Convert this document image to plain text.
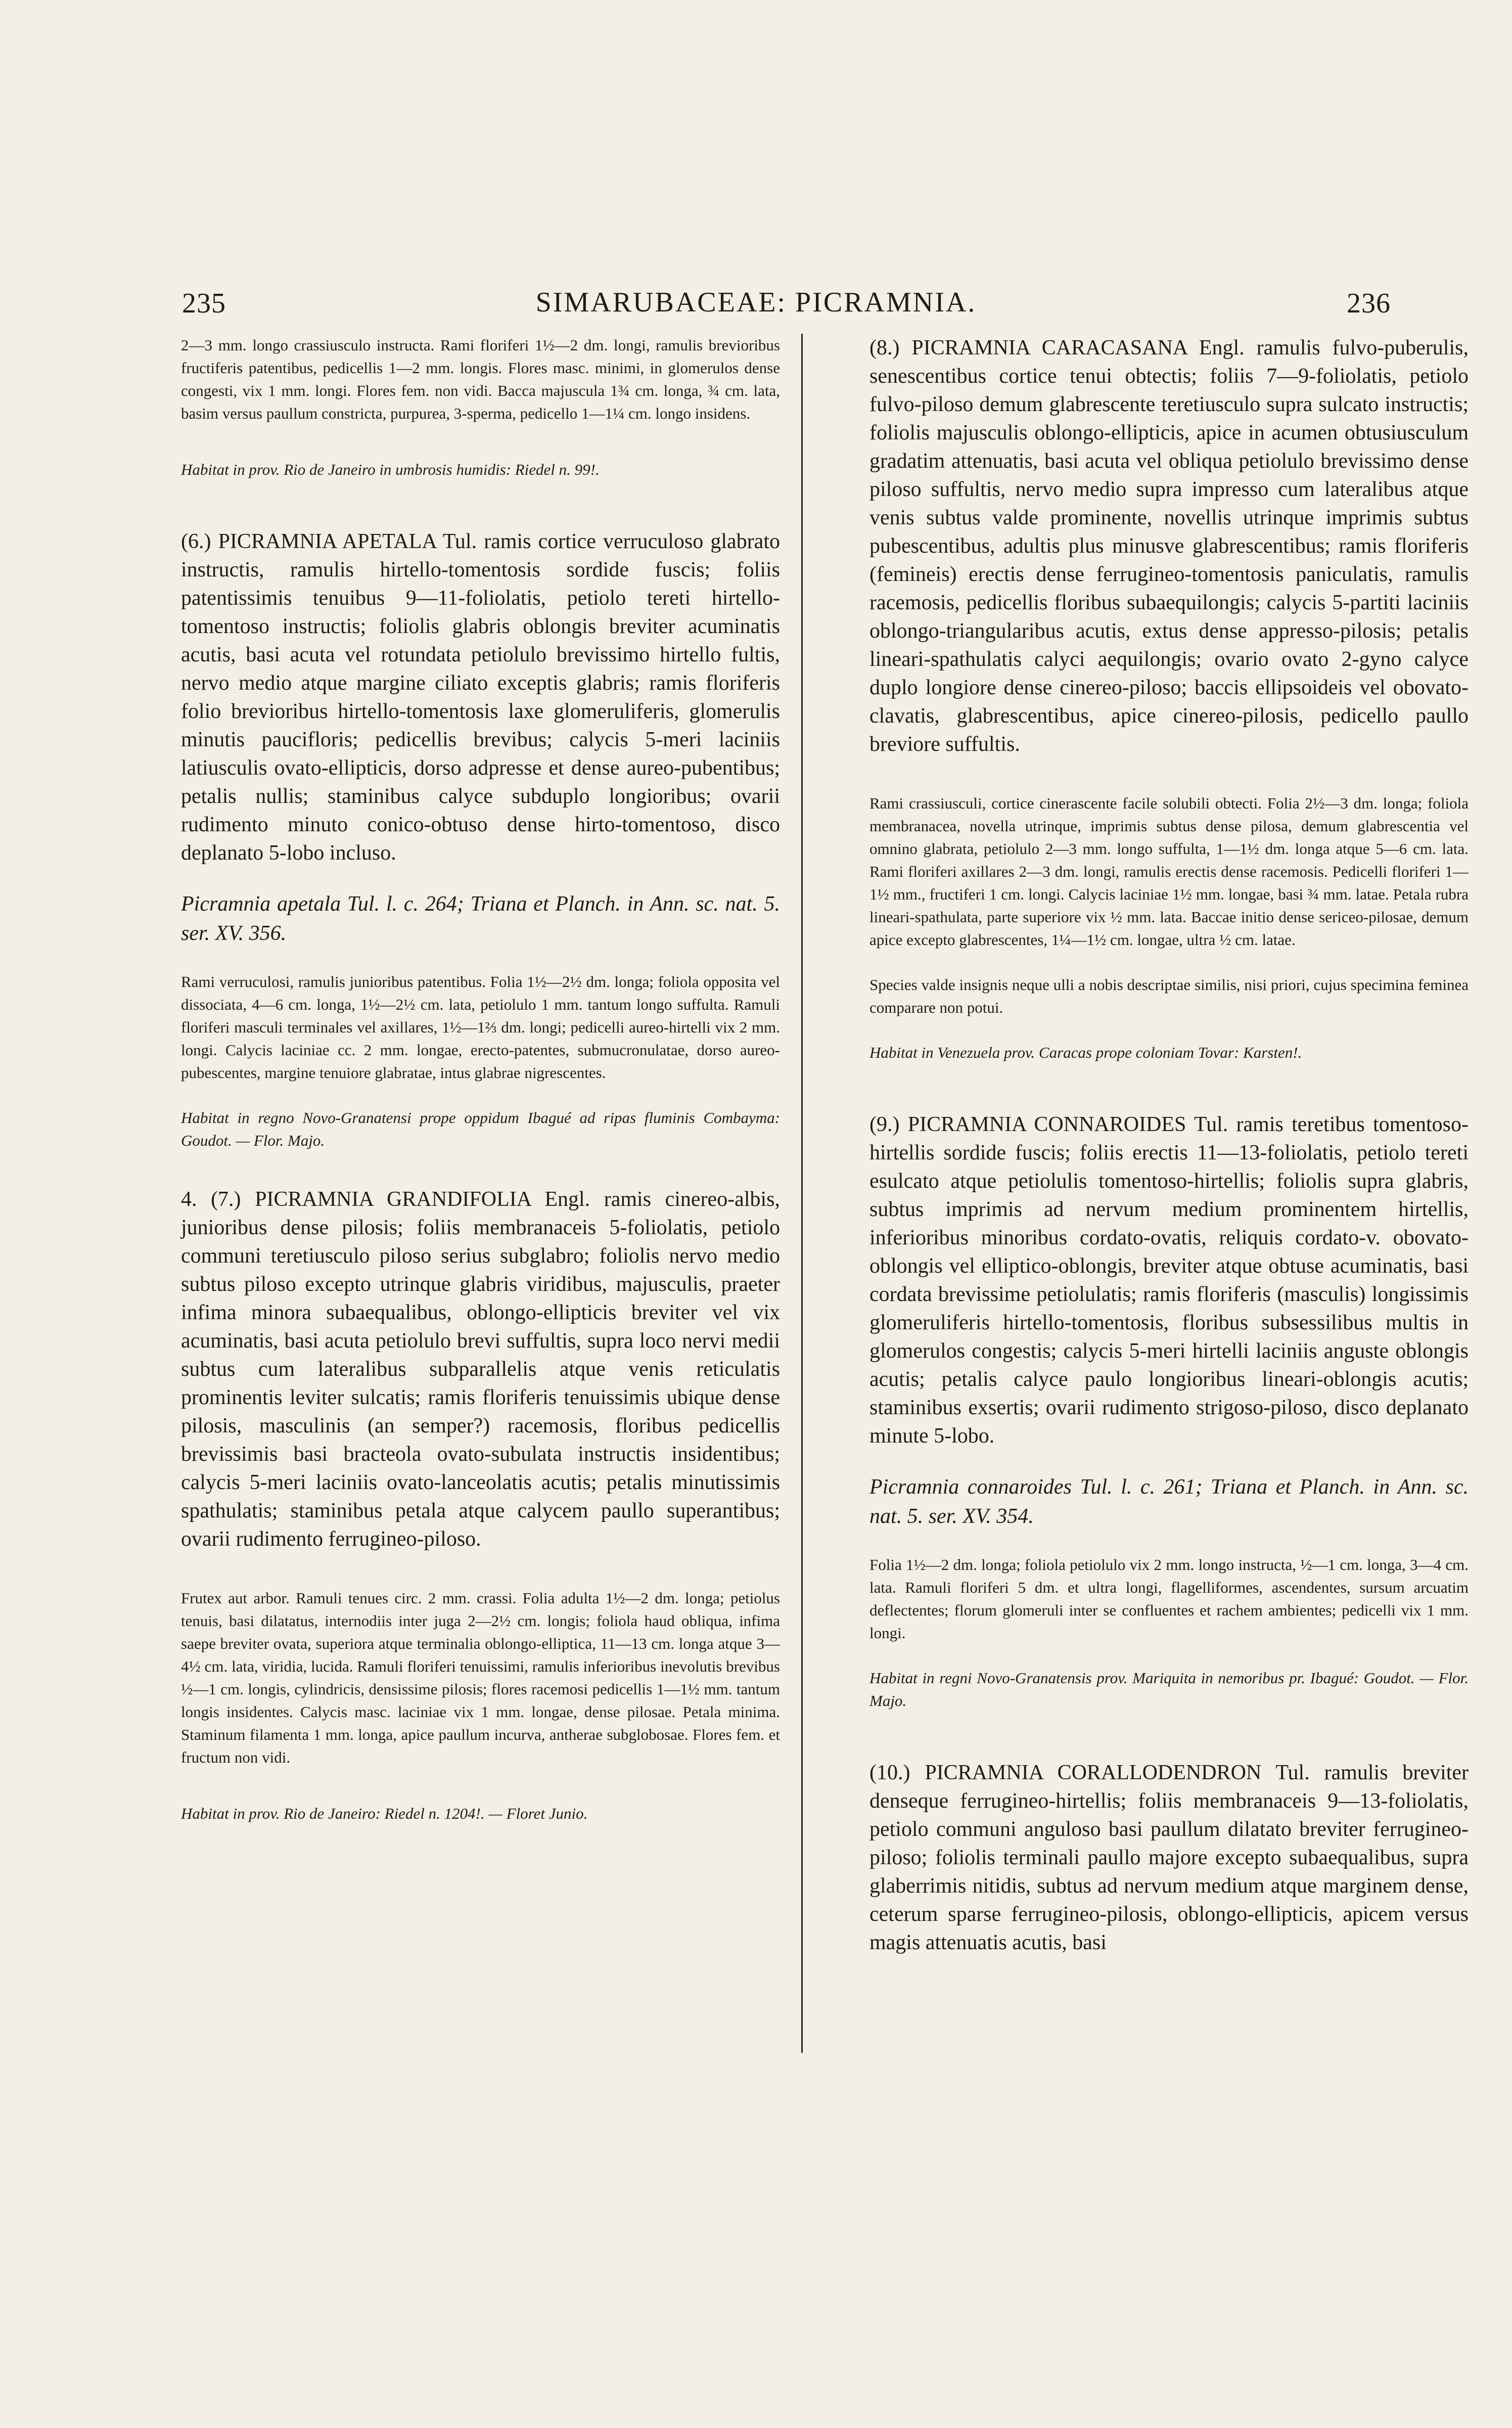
235	SIMARUBACEAE: PICRAMNIA.	236

2—3 mm. longo crassiusculo instructa. Rami floriferi 1½—2 dm. longi, ramulis brevioribus fructiferis patentibus, pedicellis 1—2 mm. longis. Flores masc. minimi, in glomerulos dense congesti, vix 1 mm. longi. Flores fem. non vidi. Bacca majuscula 1¾ cm. longa, ¾ cm. lata, basim versus paullum constricta, purpurea, 3-sperma, pedicello 1—1¼ cm. longo insidens.

Habitat in prov. Rio de Janeiro in umbrosis humidis: Riedel n. 99!.

(6.) PICRAMNIA APETALA Tul. ramis cortice verruculoso glabrato instructis, ramulis hirtello-tomentosis sordide fuscis; foliis patentissimis tenuibus 9—11-foliolatis, petiolo tereti hirtello-tomentoso instructis; foliolis glabris oblongis breviter acuminatis acutis, basi acuta vel rotundata petiolulo brevissimo hirtello fultis, nervo medio atque margine ciliato exceptis glabris; ramis floriferis folio brevioribus hirtello-tomentosis laxe glomeruliferis, glomerulis minutis paucifloris; pedicellis brevibus; calycis 5-meri laciniis latiusculis ovato-ellipticis, dorso adpresse et dense aureo-pubentibus; petalis nullis; staminibus calyce subduplo longioribus; ovarii rudimento minuto conico-obtuso dense hirto-tomentoso, disco deplanato 5-lobo incluso.

Picramnia apetala Tul. l. c. 264; Triana et Planch. in Ann. sc. nat. 5. ser. XV. 356.

Rami verruculosi, ramulis junioribus patentibus. Folia 1½—2½ dm. longa; foliola opposita vel dissociata, 4—6 cm. longa, 1½—2½ cm. lata, petiolulo 1 mm. tantum longo suffulta. Ramuli floriferi masculi terminales vel axillares, 1½—1⅔ dm. longi; pedicelli aureo-hirtelli vix 2 mm. longi. Calycis laciniae cc. 2 mm. longae, erecto-patentes, submucronulatae, dorso aureo-pubescentes, margine tenuiore glabratae, intus glabrae nigrescentes.

Habitat in regno Novo-Granatensi prope oppidum Ibagué ad ripas fluminis Combayma: Goudot. — Flor. Majo.

4. (7.) PICRAMNIA GRANDIFOLIA Engl. ramis cinereo-albis, junioribus dense pilosis; foliis membranaceis 5-foliolatis, petiolo communi teretiusculo piloso serius subglabro; foliolis nervo medio subtus piloso excepto utrinque glabris viridibus, majusculis, praeter infima minora subaequalibus, oblongo-ellipticis breviter vel vix acuminatis, basi acuta petiolulo brevi suffultis, supra loco nervi medii subtus cum lateralibus subparallelis atque venis reticulatis prominentis leviter sulcatis; ramis floriferis tenuissimis ubique dense pilosis, masculinis (an semper?) racemosis, floribus pedicellis brevissimis basi bracteola ovato-subulata instructis insidentibus; calycis 5-meri laciniis ovato-lanceolatis acutis; petalis minutissimis spathulatis; staminibus petala atque calycem paullo superantibus; ovarii rudimento ferrugineo-piloso.

Frutex aut arbor. Ramuli tenues circ. 2 mm. crassi. Folia adulta 1½—2 dm. longa; petiolus tenuis, basi dilatatus, internodiis inter juga 2—2½ cm. longis; foliola haud obliqua, infima saepe breviter ovata, superiora atque terminalia oblongo-elliptica, 11—13 cm. longa atque 3—4½ cm. lata, viridia, lucida. Ramuli floriferi tenuissimi, ramulis inferioribus inevolutis brevibus ½—1 cm. longis, cylindricis, densissime pilosis; flores racemosi pedicellis 1—1½ mm. tantum longis insidentes. Calycis masc. laciniae vix 1 mm. longae, dense pilosae. Petala minima. Staminum filamenta 1 mm. longa, apice paullum incurva, antherae subglobosae. Flores fem. et fructum non vidi.

Habitat in prov. Rio de Janeiro: Riedel n. 1204!. — Floret Junio.

(8.) PICRAMNIA CARACASANA Engl. ramulis fulvo-puberulis, senescentibus cortice tenui obtectis; foliis 7—9-foliolatis, petiolo fulvo-piloso demum glabrescente teretiusculo supra sulcato instructis; foliolis majusculis oblongo-ellipticis, apice in acumen obtusiusculum gradatim attenuatis, basi acuta vel obliqua petiolulo brevissimo dense piloso suffultis, nervo medio supra impresso cum lateralibus atque venis subtus valde prominente, novellis utrinque imprimis subtus pubescentibus, adultis plus minusve glabrescentibus; ramis floriferis (femineis) erectis dense ferrugineo-tomentosis paniculatis, ramulis racemosis, pedicellis floribus subaequilongis; calycis 5-partiti laciniis oblongo-triangularibus acutis, extus dense appresso-pilosis; petalis lineari-spathulatis calyci aequilongis; ovario ovato 2-gyno calyce duplo longiore dense cinereo-piloso; baccis ellipsoideis vel obovato-clavatis, glabrescentibus, apice cinereo-pilosis, pedicello paullo breviore suffultis.

Rami crassiusculi, cortice cinerascente facile solubili obtecti. Folia 2½—3 dm. longa; foliola membranacea, novella utrinque, imprimis subtus dense pilosa, demum glabrescentia vel omnino glabrata, petiolulo 2—3 mm. longo suffulta, 1—1½ dm. longa atque 5—6 cm. lata. Rami floriferi axillares 2—3 dm. longi, ramulis erectis dense racemosis. Pedicelli floriferi 1—1½ mm., fructiferi 1 cm. longi. Calycis laciniae 1½ mm. longae, basi ¾ mm. latae. Petala rubra lineari-spathulata, parte superiore vix ½ mm. lata. Baccae initio dense sericeo-pilosae, demum apice excepto glabrescentes, 1¼—1½ cm. longae, ultra ½ cm. latae.

Species valde insignis neque ulli a nobis descriptae similis, nisi priori, cujus specimina feminea comparare non potui.

Habitat in Venezuela prov. Caracas prope coloniam Tovar: Karsten!.

(9.) PICRAMNIA CONNAROIDES Tul. ramis teretibus tomentoso-hirtellis sordide fuscis; foliis erectis 11—13-foliolatis, petiolo tereti esulcato atque petiolulis tomentoso-hirtellis; foliolis supra glabris, subtus imprimis ad nervum medium prominentem hirtellis, inferioribus minoribus cordato-ovatis, reliquis cordato-v. obovato-oblongis vel elliptico-oblongis, breviter atque obtuse acuminatis, basi cordata brevissime petiolulatis; ramis floriferis (masculis) longissimis glomeruliferis hirtello-tomentosis, floribus subsessilibus multis in glomerulos congestis; calycis 5-meri hirtelli laciniis anguste oblongis acutis; petalis calyce paulo longioribus lineari-oblongis acutis; staminibus exsertis; ovarii rudimento strigoso-piloso, disco deplanato minute 5-lobo.

Picramnia connaroides Tul. l. c. 261; Triana et Planch. in Ann. sc. nat. 5. ser. XV. 354.

Folia 1½—2 dm. longa; foliola petiolulo vix 2 mm. longo instructa, ½—1 cm. longa, 3—4 cm. lata. Ramuli floriferi 5 dm. et ultra longi, flagelliformes, ascendentes, sursum arcuatim deflectentes; florum glomeruli inter se confluentes et rachem ambientes; pedicelli vix 1 mm. longi.

Habitat in regni Novo-Granatensis prov. Mariquita in nemoribus pr. Ibagué: Goudot. — Flor. Majo.

(10.) PICRAMNIA CORALLODENDRON Tul. ramulis breviter denseque ferrugineo-hirtellis; foliis membranaceis 9—13-foliolatis, petiolo communi anguloso basi paullum dilatato breviter ferrugineo-piloso; foliolis terminali paullo majore excepto subaequalibus, supra glaberrimis nitidis, subtus ad nervum medium atque marginem dense, ceterum sparse ferrugineo-pilosis, oblongo-ellipticis, apicem versus magis attenuatis acutis, basi
